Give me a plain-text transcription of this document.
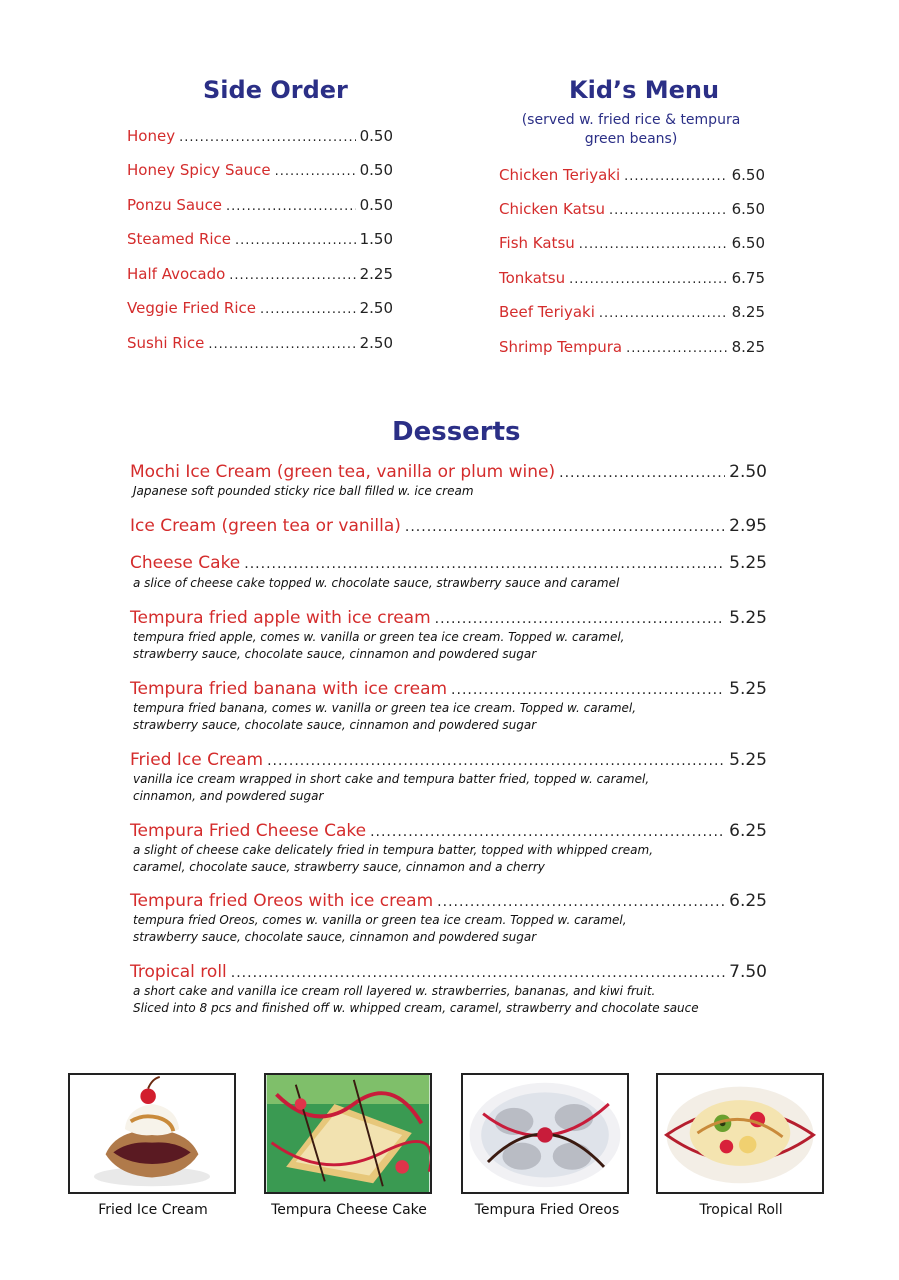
Side Order
Honey .....	0.50
Honey Spicy Sauce .....	0.50
Ponzu Sauce .....	0.50
Steamed Rice .....	1.50
Half Avocado .....	2.25
Veggie Fried Rice .....	2.50
Sushi Rice .....	2.50
Kid’s Menu
(served w. fried rice & tempura
green beans)
Chicken Teriyaki .....	6.50
Chicken Katsu .....	6.50
Fish Katsu .....	6.50
Tonkatsu .....	6.75
Beef Teriyaki .....	8.25
Shrimp Tempura .....	8.25
Desserts
Mochi Ice Cream (green tea, vanilla or plum wine) .....	2.50
Japanese soft pounded sticky rice ball filled w. ice cream
Ice Cream (green tea or vanilla) .....	2.95
Cheese Cake .....	5.25
a slice of cheese cake topped w. chocolate sauce, strawberry sauce and caramel
Tempura fried apple with ice cream .....	5.25
tempura fried apple, comes w. vanilla or green tea ice cream. Topped w. caramel,
strawberry sauce, chocolate sauce, cinnamon and powdered sugar
Tempura fried banana with ice cream .....	5.25
tempura fried banana, comes w. vanilla or green tea ice cream. Topped w. caramel,
strawberry sauce, chocolate sauce, cinnamon and powdered sugar
Fried Ice Cream .....	5.25
vanilla ice cream wrapped in short cake and tempura batter fried, topped w. caramel,
cinnamon, and powdered sugar
Tempura Fried Cheese Cake .....	6.25
a slight of cheese cake delicately fried in tempura batter, topped with whipped cream,
caramel, chocolate sauce, strawberry sauce, cinnamon and a cherry
Tempura fried Oreos with ice cream .....	6.25
tempura fried Oreos, comes w. vanilla or green tea ice cream. Topped w. caramel,
strawberry sauce, chocolate sauce, cinnamon and powdered sugar
Tropical roll .....	7.50
a short cake and vanilla ice cream roll layered w. strawberries, bananas, and kiwi fruit.
Sliced into 8 pcs and finished off w. whipped cream, caramel, strawberry and chocolate sauce
Fried Ice Cream	Tempura Cheese Cake	Tempura Fried Oreos	Tropical Roll
